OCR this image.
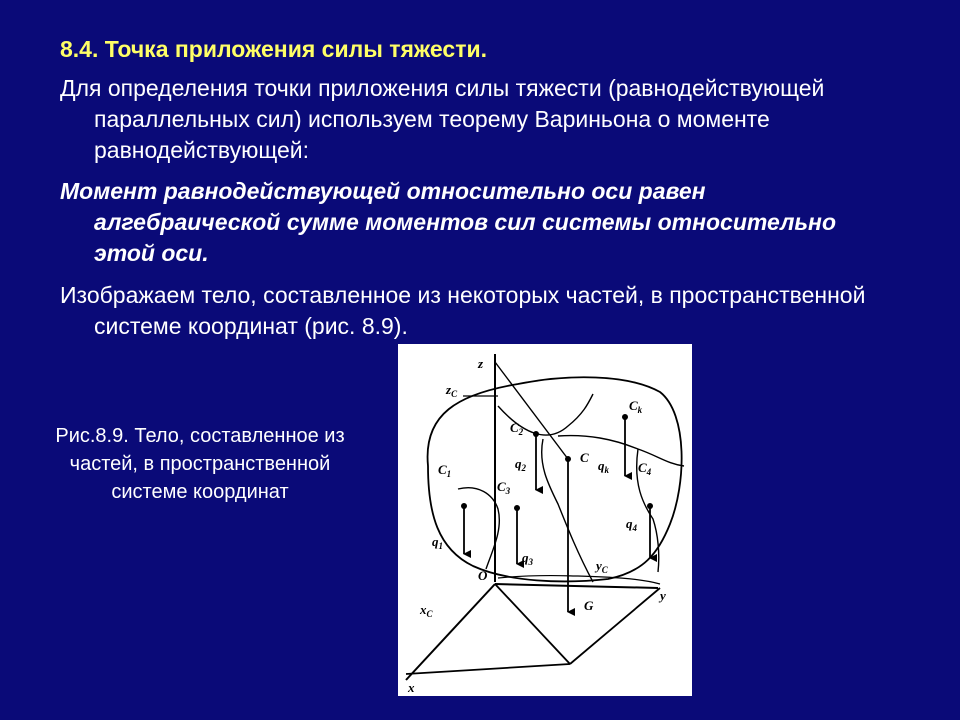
8.4. Точка приложения силы тяжести.
Для определения точки приложения силы тяжести (равнодействующей параллельных сил) используем теорему Вариньона о моменте равнодействующей:
Момент равнодействующей относительно оси равен алгебраической сумме моментов сил системы относительно этой оси.
Изображаем тело, составленное из некоторых частей, в пространственной системе координат (рис. 8.9).
Рис.8.9. Тело, составленное из частей, в пространственной системе координат
z
$z_C$
$C_k$
$C_2$
$q_2$
C
$q_k$ $C_4$
$C_1$
$C_3$
$q_4$
$q_1$
$q_3$	$y_C$
O
y
$x_C$
G
x
